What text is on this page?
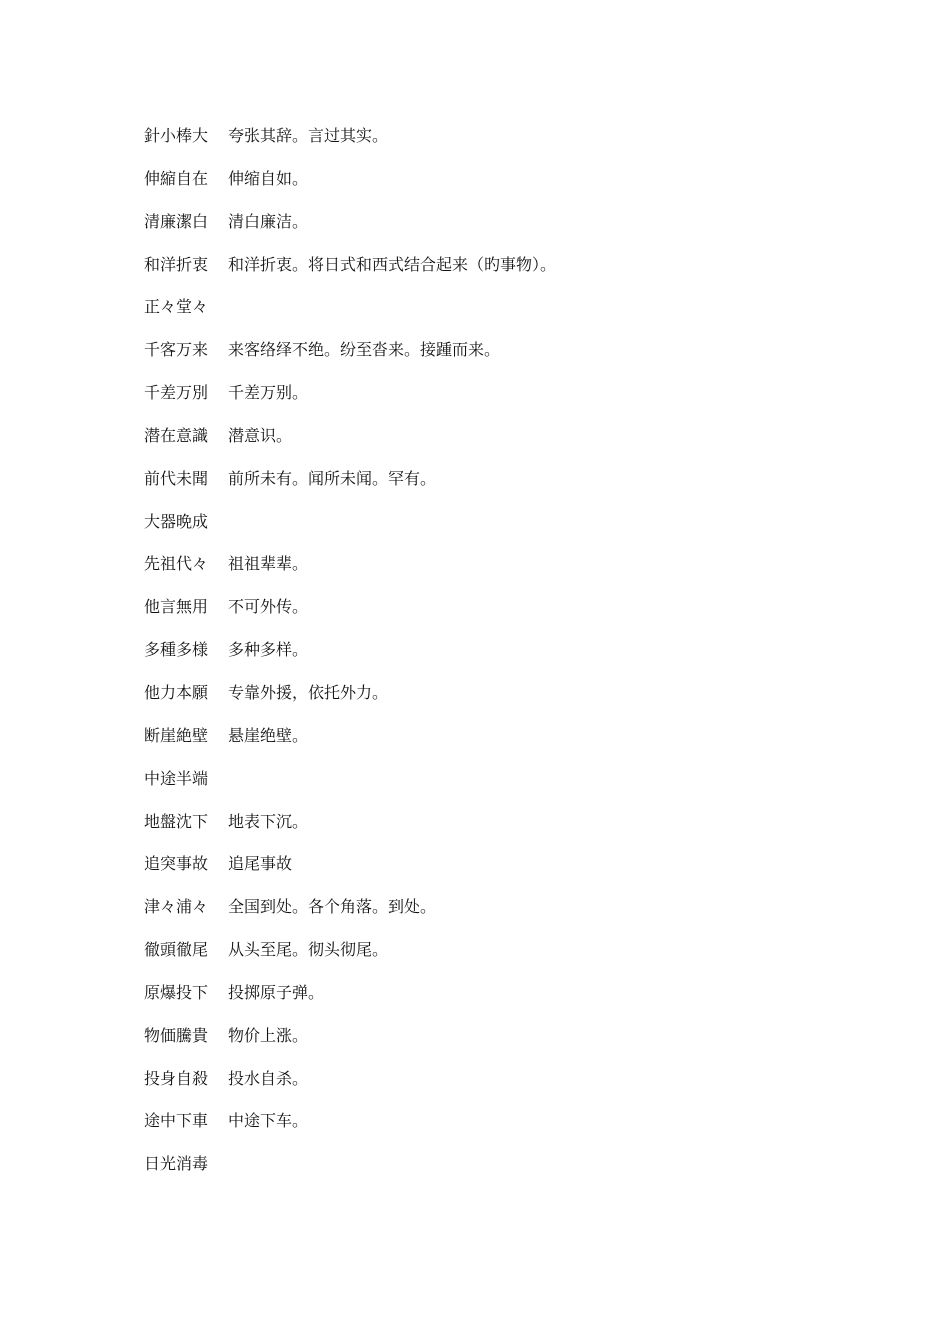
針小棒大	夸张其辞。言过其实。
伸縮自在	伸缩自如。
清廉潔白	清白廉洁。
和洋折衷	和洋折衷。将日式和西式结合起来（旳事物）。
正々堂々
千客万来	来客络绎不绝。纷至沓来。接踵而来。
千差万別	千差万别。
潜在意識	潜意识。
前代未聞	前所未有。闻所未闻。罕有。
大器晩成
先祖代々	祖祖辈辈。
他言無用	不可外传。
多種多様	多种多样。
他力本願	专靠外援，依托外力。
断崖絶壁	悬崖绝壁。
中途半端
地盤沈下	地表下沉。
追突事故	追尾事故
津々浦々	全国到处。各个角落。到处。
徹頭徹尾	从头至尾。彻头彻尾。
原爆投下	投掷原子弹。
物価騰貴	物价上涨。
投身自殺	投水自杀。
途中下車	中途下车。
日光消毒
